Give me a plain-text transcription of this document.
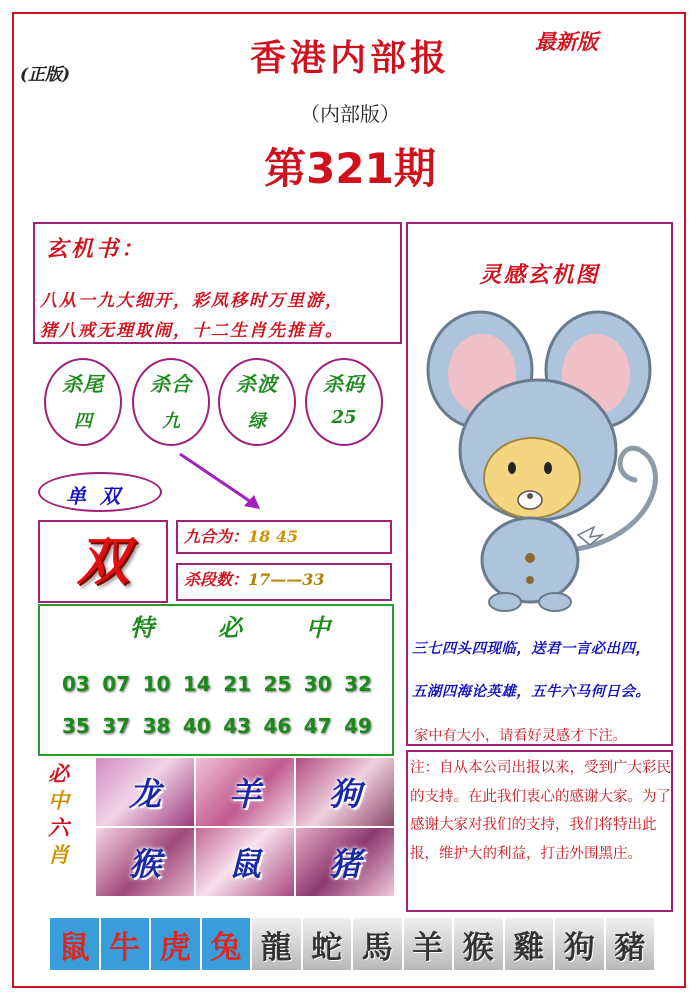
(正版)
最新版
香港内部报
（内部版）
第321期
玄机书：
八从一九大细开，彩凤移时万里游，
猪八戒无理取闹，十二生肖先推首。
杀尾
四
杀合
九
杀波
绿
杀码
25
单双
双	九合为：18 45
杀段数：17——33
特	必	中
03 07 10 14 21 25 30 32
35 37 38 40 43 46 47 49
必
中
六
肖
龙	羊	狗
猴	鼠	猪
灵感玄机图
三七四头四现临，送君一言必出四，
五湖四海论英雄，五牛六马何日会。
家中有大小，请看好灵感才下注。
注：自从本公司出报以来，受到广大彩民的支持。在此我们衷心的感谢大家。为了感谢大家对我们的支持，我们将特出此报，维护大的利益，打击外围黑庄。
鼠 牛 虎 兔 龍 蛇 馬 羊 猴 雞 狗 豬
